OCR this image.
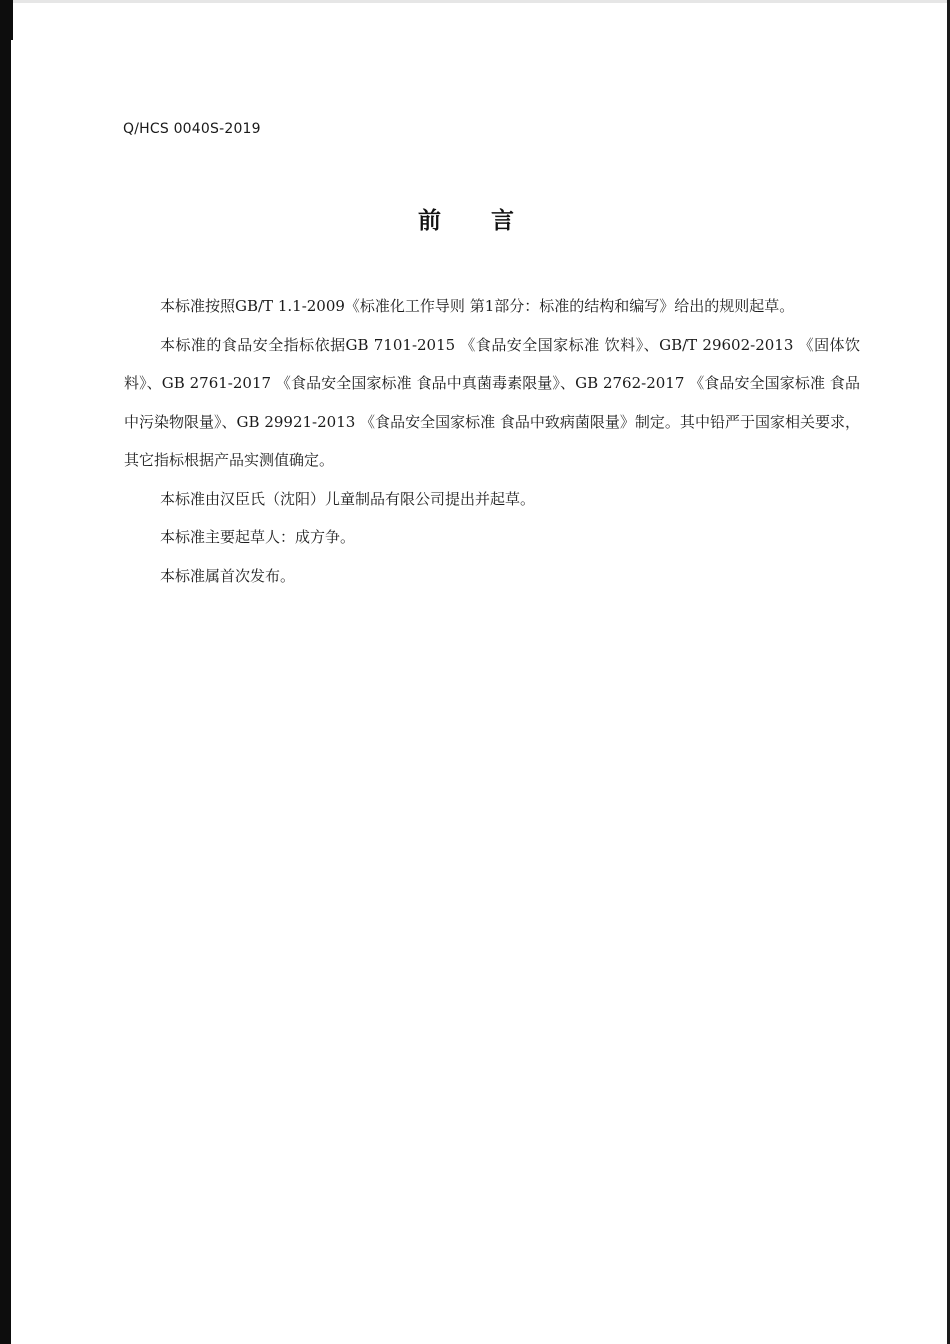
Q/HCS 0040S-2019
前言

本标准按照GB/T 1.1-2009《标准化工作导则 第1部分：标准的结构和编写》给出的规则起草。

本标准的食品安全指标依据GB 7101-2015 《食品安全国家标准 饮料》、GB/T 29602-2013 《固体饮料》、GB 2761-2017 《食品安全国家标准 食品中真菌毒素限量》、GB 2762-2017 《食品安全国家标准 食品中污染物限量》、GB 29921-2013 《食品安全国家标准 食品中致病菌限量》制定。其中铅严于国家相关要求，其它指标根据产品实测值确定。

本标准由汉臣氏（沈阳）儿童制品有限公司提出并起草。

本标准主要起草人：成方争。

本标准属首次发布。
